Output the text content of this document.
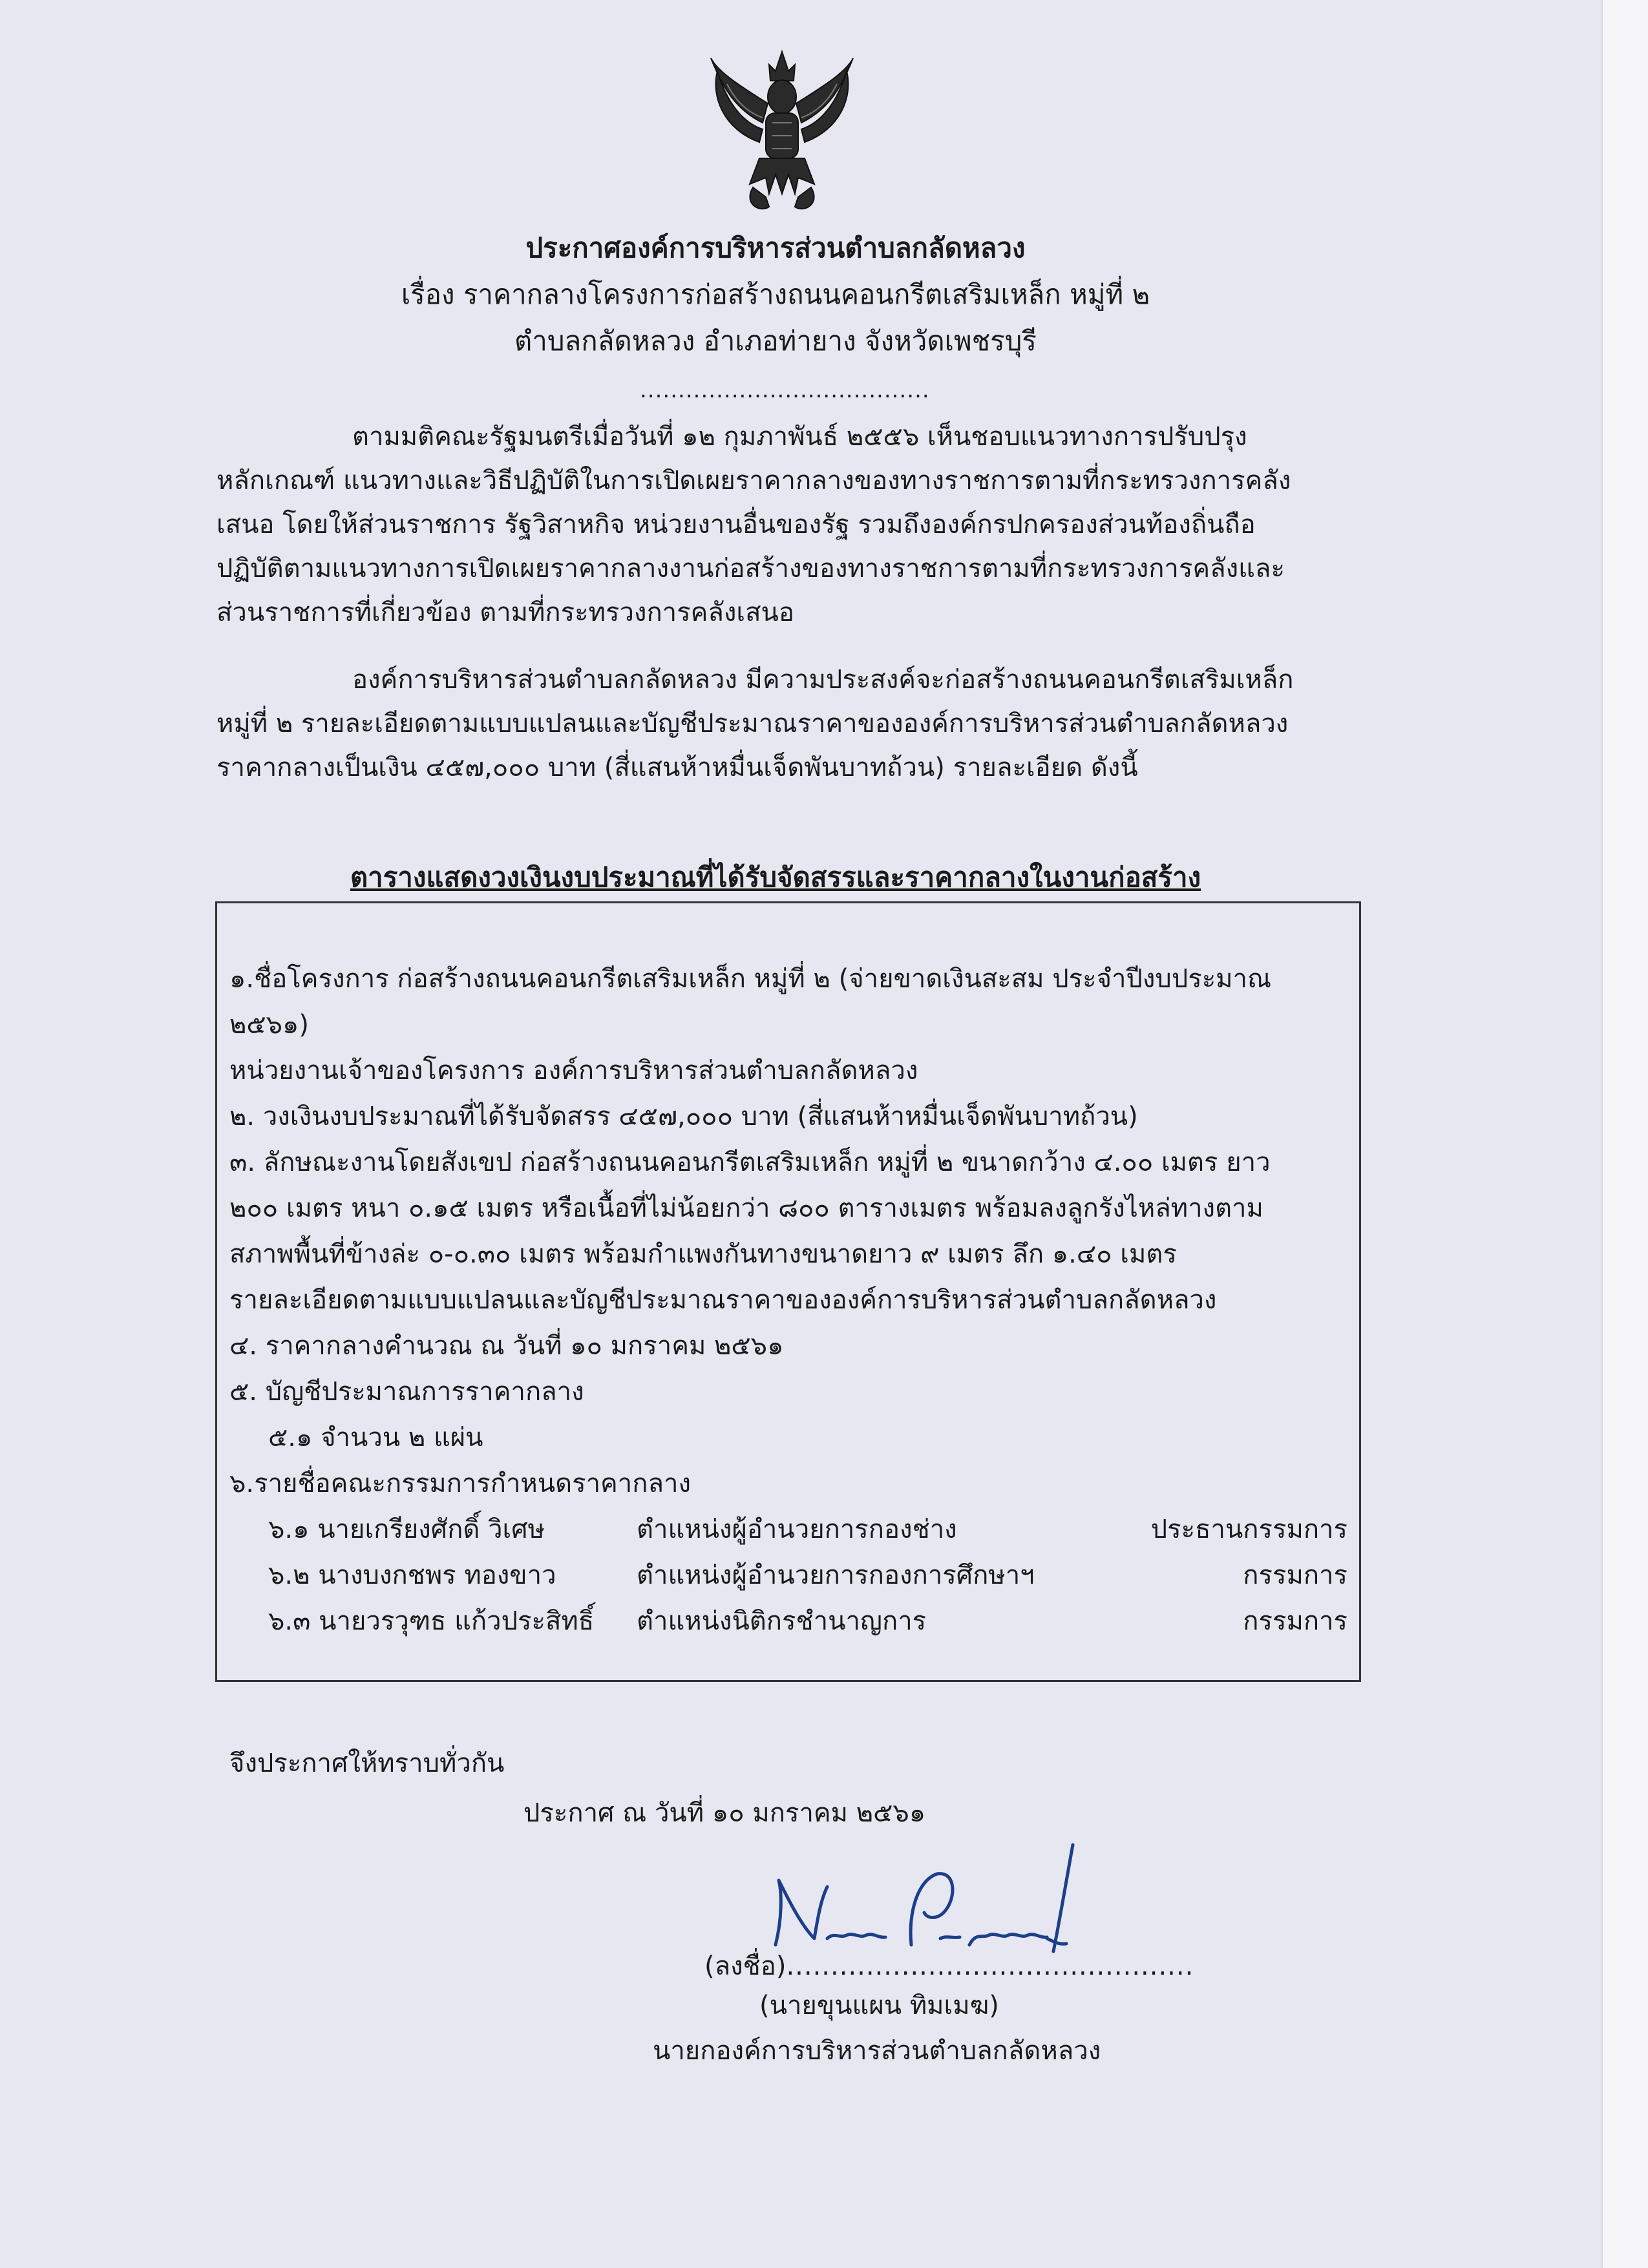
ประกาศองค์การบริหารส่วนตำบลกลัดหลวง
เรื่อง ราคากลางโครงการก่อสร้างถนนคอนกรีตเสริมเหล็ก หมู่ที่ ๒
ตำบลกลัดหลวง อำเภอท่ายาง จังหวัดเพชรบุรี
......................................
ตามมติคณะรัฐมนตรีเมื่อวันที่ ๑๒ กุมภาพันธ์ ๒๕๕๖ เห็นชอบแนวทางการปรับปรุง
หลักเกณฑ์ แนวทางและวิธีปฏิบัติในการเปิดเผยราคากลางของทางราชการตามที่กระทรวงการคลัง
เสนอ โดยให้ส่วนราชการ รัฐวิสาหกิจ หน่วยงานอื่นของรัฐ รวมถึงองค์กรปกครองส่วนท้องถิ่นถือ
ปฏิบัติตามแนวทางการเปิดเผยราคากลางงานก่อสร้างของทางราชการตามที่กระทรวงการคลังและ
ส่วนราชการที่เกี่ยวข้อง ตามที่กระทรวงการคลังเสนอ
องค์การบริหารส่วนตำบลกลัดหลวง มีความประสงค์จะก่อสร้างถนนคอนกรีตเสริมเหล็ก
หมู่ที่ ๒ รายละเอียดตามแบบแปลนและบัญชีประมาณราคาขององค์การบริหารส่วนตำบลกลัดหลวง
ราคากลางเป็นเงิน ๔๕๗,๐๐๐ บาท (สี่แสนห้าหมื่นเจ็ดพันบาทถ้วน) รายละเอียด ดังนี้
ตารางแสดงวงเงินงบประมาณที่ได้รับจัดสรรและราคากลางในงานก่อสร้าง
๑.ชื่อโครงการ ก่อสร้างถนนคอนกรีตเสริมเหล็ก หมู่ที่ ๒ (จ่ายขาดเงินสะสม ประจำปีงบประมาณ
๒๕๖๑)
หน่วยงานเจ้าของโครงการ องค์การบริหารส่วนตำบลกลัดหลวง
๒. วงเงินงบประมาณที่ได้รับจัดสรร ๔๕๗,๐๐๐ บาท (สี่แสนห้าหมื่นเจ็ดพันบาทถ้วน)
๓. ลักษณะงานโดยสังเขป ก่อสร้างถนนคอนกรีตเสริมเหล็ก หมู่ที่ ๒ ขนาดกว้าง ๔.๐๐ เมตร ยาว
๒๐๐ เมตร หนา ๐.๑๕ เมตร หรือเนื้อที่ไม่น้อยกว่า ๘๐๐ ตารางเมตร พร้อมลงลูกรังไหล่ทางตาม
สภาพพื้นที่ข้างล่ะ ๐-๐.๓๐ เมตร พร้อมกำแพงกันทางขนาดยาว ๙ เมตร ลึก ๑.๔๐ เมตร
รายละเอียดตามแบบแปลนและบัญชีประมาณราคาขององค์การบริหารส่วนตำบลกลัดหลวง
๔. ราคากลางคำนวณ ณ วันที่ ๑๐ มกราคม ๒๕๖๑
๕. บัญชีประมาณการราคากลาง
๕.๑ จำนวน ๒ แผ่น
๖.รายชื่อคณะกรรมการกำหนดราคากลาง
๖.๑ นายเกรียงศักดิ์ วิเศษ	ตำแหน่งผู้อำนวยการกองช่าง	ประธานกรรมการ
๖.๒ นางบงกชพร ทองขาว	ตำแหน่งผู้อำนวยการกองการศึกษาฯ	กรรมการ
๖.๓ นายวรวุฑธ แก้วประสิทธิ์ ตำแหน่งนิติกรชำนาญการ	กรรมการ
จึงประกาศให้ทราบทั่วกัน
ประกาศ ณ วันที่ ๑๐ มกราคม ๒๕๖๑
(ลงชื่อ)..............................................
(นายขุนแผน ทิมเมฆ)
นายกองค์การบริหารส่วนตำบลกลัดหลวง
